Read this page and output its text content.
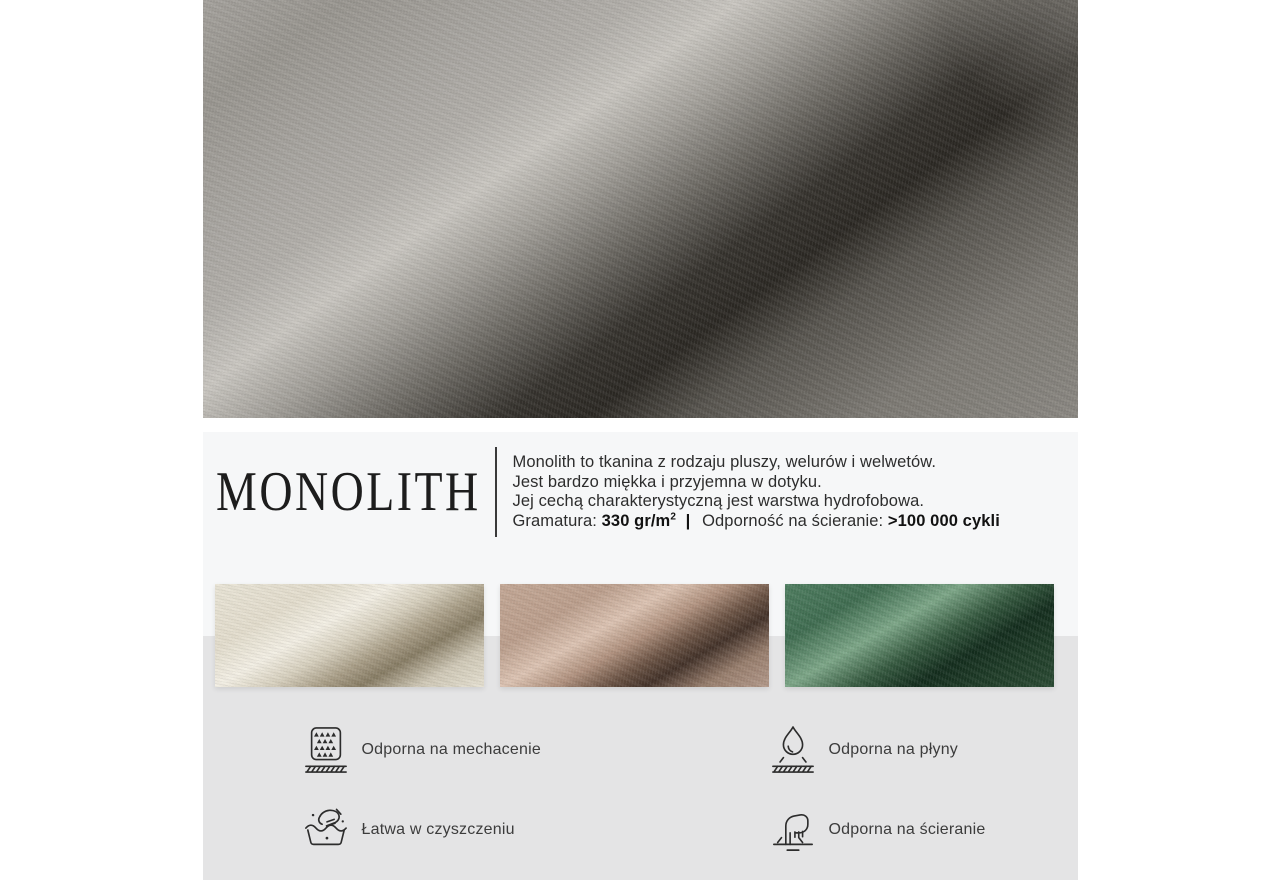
MONOLITH Monolith to tkanina z rodzaju pluszy, welurów i welwetów.

Jest bardzo miękka i przyjemna w dotyku.

Jej cechą charakterystyczną jest warstwa hydrofobowa.

Gramatura: 330 $gr/m^2$ | Odporność na ścieranie: >100 000 cykli

Odporna na mechacenie	Odporna na płyny
Łatwa w czyszczeniu	Odporna na ścieranie
